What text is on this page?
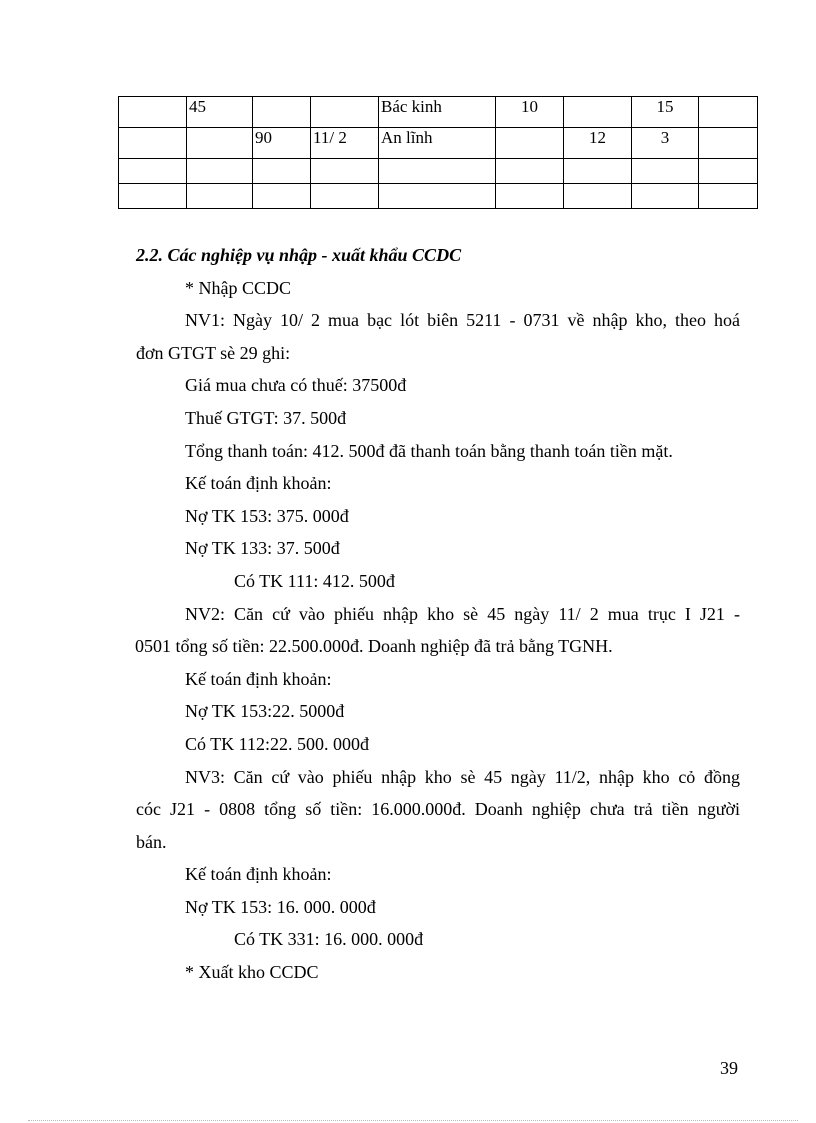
	45			Bác kinh	10		15	
		90	11/ 2	An lĩnh		12	3	

2.2. Các nghiệp vụ nhập - xuất khẩu CCDC
* Nhập CCDC
NV1: Ngày 10/ 2 mua bạc lót biên 5211 - 0731 về nhập kho, theo hoá
đơn GTGT sè 29 ghi:
Giá mua chưa có thuế: 37500đ
Thuế GTGT: 37. 500đ
Tổng thanh toán: 412. 500đ đã thanh toán bằng thanh toán tiền mặt.
Kế toán định khoản:
Nợ TK 153: 375. 000đ
Nợ TK 133: 37. 500đ
Có TK 111: 412. 500đ
NV2: Căn cứ vào phiếu nhập kho sè 45 ngày 11/ 2 mua trục I J21 -
0501 tổng số tiền: 22.500.000đ. Doanh nghiệp đã trả bằng TGNH.
Kế toán định khoản:
Nợ TK 153:22. 5000đ
Có TK 112:22. 500. 000đ
NV3: Căn cứ vào phiếu nhập kho sè 45 ngày 11/2, nhập kho cỏ đồng
cóc J21 - 0808 tổng số tiền: 16.000.000đ. Doanh nghiệp chưa trả tiền người
bán.
Kế toán định khoản:
Nợ TK 153: 16. 000. 000đ
Có TK 331: 16. 000. 000đ
* Xuất kho CCDC
39
